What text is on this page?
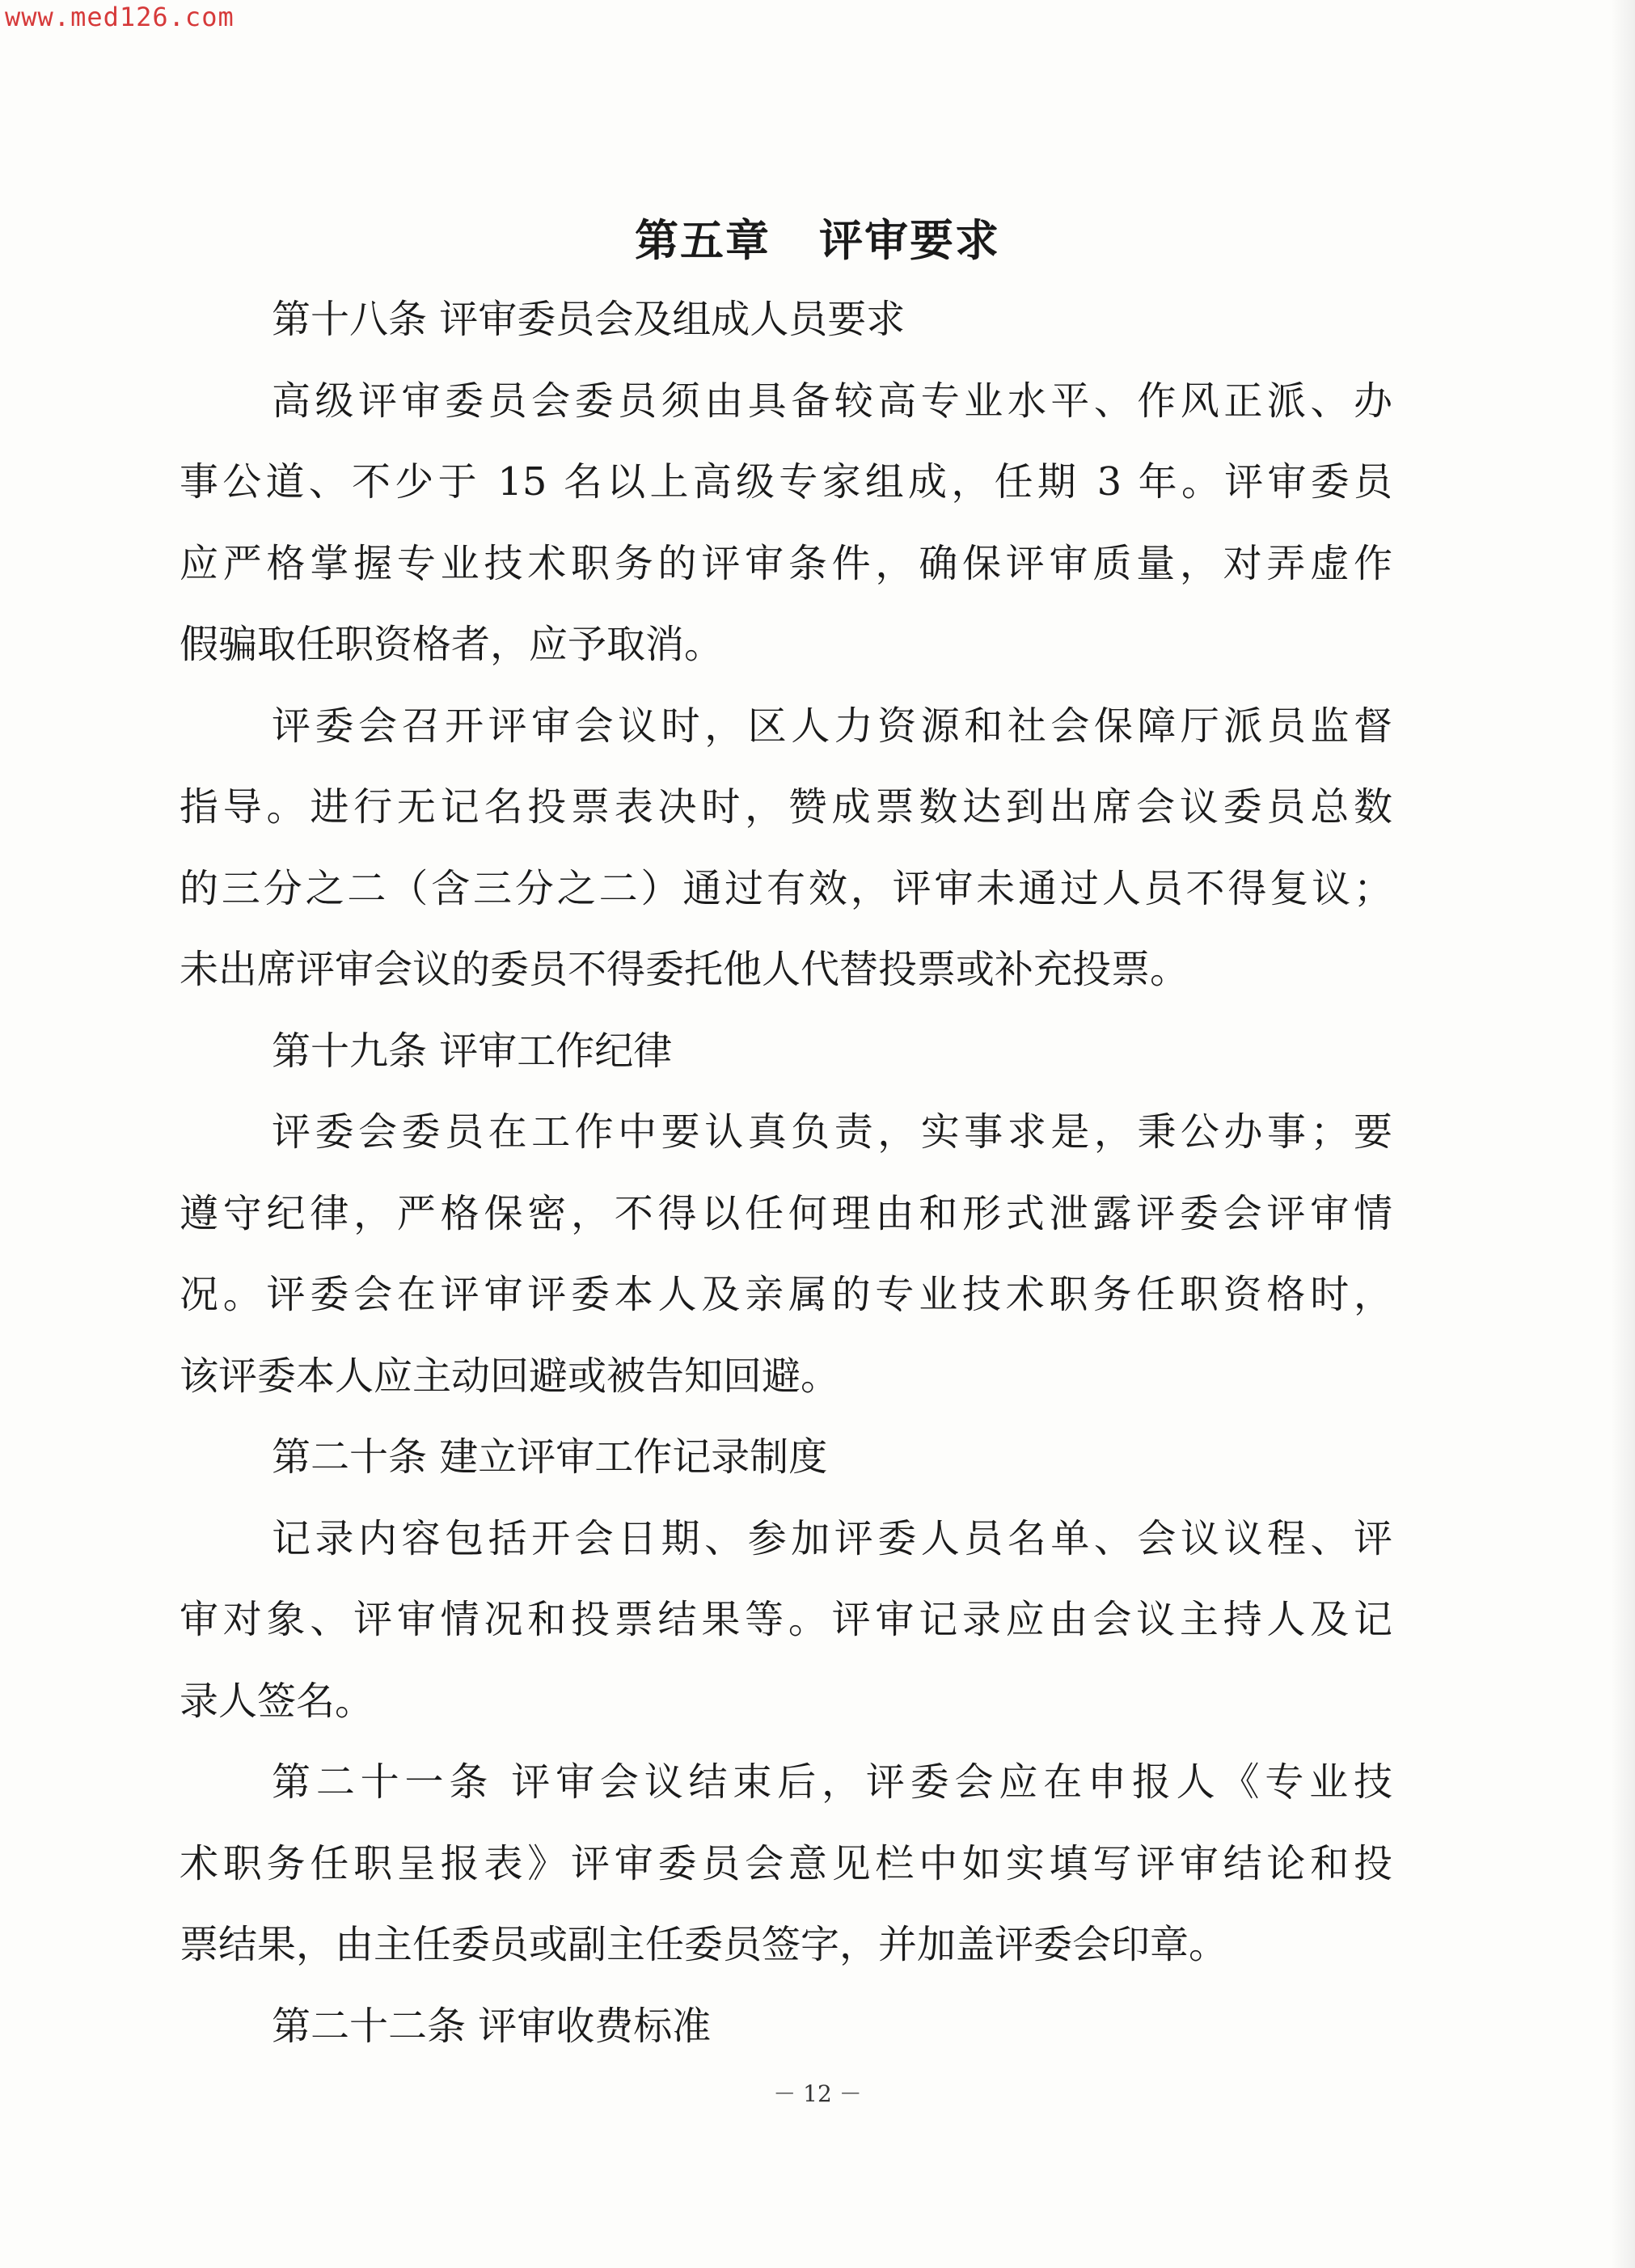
www.med126.com
第五章 评审要求
第十八条 评审委员会及组成人员要求
高级评审委员会委员须由具备较高专业水平、作风正派、办
事公道、不少于 15 名以上高级专家组成，任期 3 年。评审委员
应严格掌握专业技术职务的评审条件，确保评审质量，对弄虚作
假骗取任职资格者，应予取消。
评委会召开评审会议时，区人力资源和社会保障厅派员监督
指导。进行无记名投票表决时，赞成票数达到出席会议委员总数
的三分之二（含三分之二）通过有效，评审未通过人员不得复议；
未出席评审会议的委员不得委托他人代替投票或补充投票。
第十九条 评审工作纪律
评委会委员在工作中要认真负责，实事求是，秉公办事；要
遵守纪律，严格保密，不得以任何理由和形式泄露评委会评审情
况。评委会在评审评委本人及亲属的专业技术职务任职资格时，
该评委本人应主动回避或被告知回避。
第二十条 建立评审工作记录制度
记录内容包括开会日期、参加评委人员名单、会议议程、评
审对象、评审情况和投票结果等。评审记录应由会议主持人及记
录人签名。
第二十一条 评审会议结束后，评委会应在申报人《专业技
术职务任职呈报表》评审委员会意见栏中如实填写评审结论和投
票结果，由主任委员或副主任委员签字，并加盖评委会印章。
第二十二条 评审收费标准
－ 12 －
